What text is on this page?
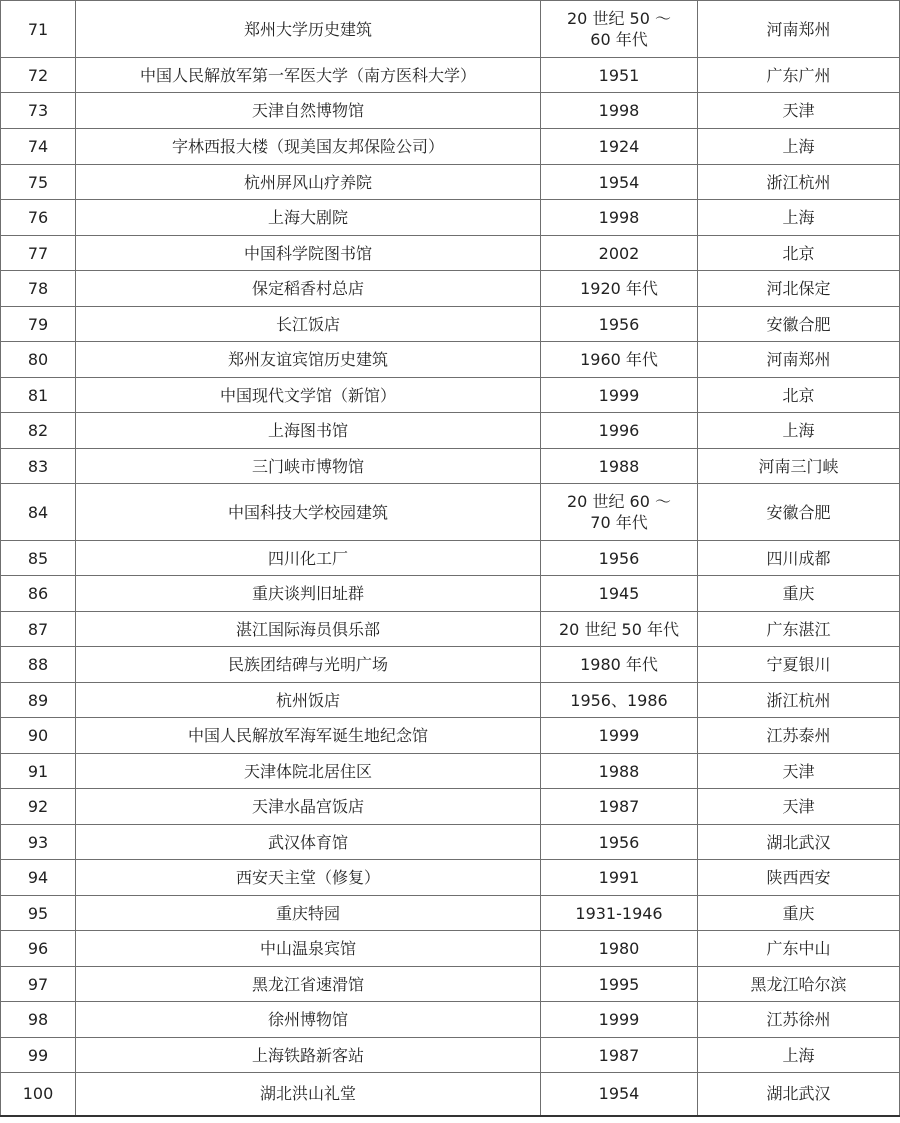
71	郑州大学历史建筑	20 世纪 50 ～
60 年代	河南郑州
72	中国人民解放军第一军医大学（南方医科大学）	1951	广东广州
73	天津自然博物馆	1998	天津
74	字林西报大楼（现美国友邦保险公司）	1924	上海
75	杭州屏风山疗养院	1954	浙江杭州
76	上海大剧院	1998	上海
77	中国科学院图书馆	2002	北京
78	保定稻香村总店	1920 年代	河北保定
79	长江饭店	1956	安徽合肥
80	郑州友谊宾馆历史建筑	1960 年代	河南郑州
81	中国现代文学馆（新馆）	1999	北京
82	上海图书馆	1996	上海
83	三门峡市博物馆	1988	河南三门峡
84	中国科技大学校园建筑	20 世纪 60 ～
70 年代	安徽合肥
85	四川化工厂	1956	四川成都
86	重庆谈判旧址群	1945	重庆
87	湛江国际海员俱乐部	20 世纪 50 年代	广东湛江
88	民族团结碑与光明广场	1980 年代	宁夏银川
89	杭州饭店	1956、1986	浙江杭州
90	中国人民解放军海军诞生地纪念馆	1999	江苏泰州
91	天津体院北居住区	1988	天津
92	天津水晶宫饭店	1987	天津
93	武汉体育馆	1956	湖北武汉
94	西安天主堂（修复）	1991	陕西西安
95	重庆特园	1931-1946	重庆
96	中山温泉宾馆	1980	广东中山
97	黑龙江省速滑馆	1995	黑龙江哈尔滨
98	徐州博物馆	1999	江苏徐州
99	上海铁路新客站	1987	上海
100	湖北洪山礼堂	1954	湖北武汉
